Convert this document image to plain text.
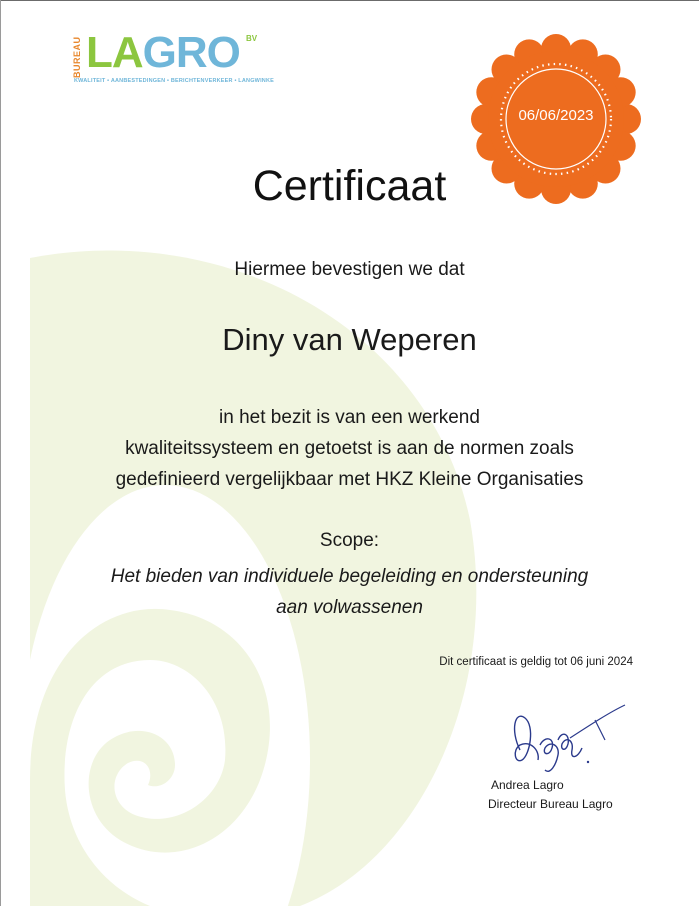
BUREAU LAGRO BV
KWALITEIT • AANBESTEDINGEN • BERICHTENVERKEER • LANGWINKE
06/06/2023
Certificaat
Hiermee bevestigen we dat
Diny van Weperen
in het bezit is van een werkend
kwaliteitssysteem en getoetst is aan de normen zoals
gedefinieerd vergelijkbaar met HKZ Kleine Organisaties
Scope:
Het bieden van individuele begeleiding en ondersteuning
aan volwassenen
Dit certificaat is geldig tot 06 juni 2024
Andrea Lagro
Directeur Bureau Lagro
